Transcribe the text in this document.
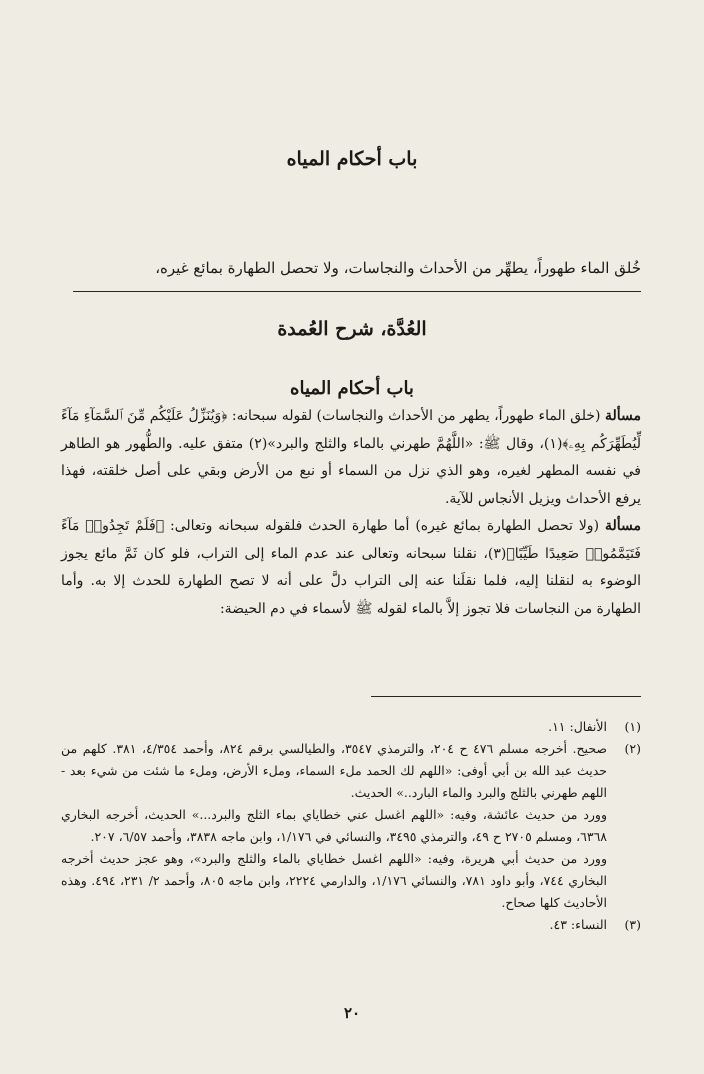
باب أحكام المياه

خُلق الماء طهوراً، يطهِّر من الأحداث والنجاسات، ولا تحصل الطهارة بمائع غيره،

العُدَّة، شرح العُمدة
باب أحكام المياه

مسألة (خلق الماء طهوراً، يطهر من الأحداث والنجاسات) لقوله سبحانه: ﴿وَيُنَزِّلُ عَلَيْكُم مِّنَ ٱلسَّمَآءِ مَآءً لِّيُطَهِّرَكُم بِهِۦ﴾(١)، وقال ﷺ: «اللَّهُمَّ طهرني بالماء والثلج والبرد»(٢) متفق عليه. والطُّهور هو الطاهر في نفسه المطهر لغيره، وهو الذي نزل من السماء أو نبع من الأرض وبقي على أصل خلقته، فهذا يرفع الأحداث ويزيل الأنجاس للآية.

مسألة (ولا تحصل الطهارة بمائع غيره) أما طهارة الحدث فلقوله سبحانه وتعالى: ﴿فَلَمْ تَجِدُوا۟ مَآءً فَتَيَمَّمُوا۟ صَعِيدًا طَيِّبًا﴾(٣)، نقلنا سبحانه وتعالى عند عدم الماء إلى التراب، فلو كان ثَمَّ مائع يجوز الوضوء به لنقلنا إليه، فلما نقلَنا عنه إلى التراب دلَّ على أنه لا تصح الطهارة للحدث إلا به. وأما الطهارة من النجاسات فلا تجوز إلاَّ بالماء لقوله ﷺ لأسماء في دم الحيضة:

(١)

الأنفال: ١١.

(٢)

صحيح. أخرجه مسلم ٤٧٦ ح ٢٠٤، والترمذي ٣٥٤٧، والطيالسي برقم ٨٢٤، وأحمد ٤/٣٥٤، ٣٨١. كلهم من حديث عبد الله بن أبي أوفى: «اللهم لك الحمد ملء السماء، وملء الأرض، وملء ما شئت من شيء بعد - اللهم طهرني بالثلج والبرد والماء البارد..» الحديث.

وورد من حديث عائشة، وفيه: «اللهم اغسل عني خطاياي بماء الثلج والبرد...» الحديث، أخرجه البخاري ٦٣٦٨، ومسلم ٢٧٠٥ ح ٤٩، والترمذي ٣٤٩٥، والنسائي في ١/١٧٦، وابن ماجه ٣٨٣٨، وأحمد ٦/٥٧، ٢٠٧.

وورد من حديث أبي هريرة، وفيه: «اللهم اغسل خطاياي بالماء والثلج والبرد»، وهو عجز حديث أخرجه البخاري ٧٤٤، وأبو داود ٧٨١، والنسائي ١/١٧٦، والدارمي ٢٢٢٤، وابن ماجه ٨٠٥، وأحمد ٢/ ٢٣١، ٤٩٤. وهذه الأحاديث كلها صحاح.

(٣)

النساء: ٤٣.

٢٠
